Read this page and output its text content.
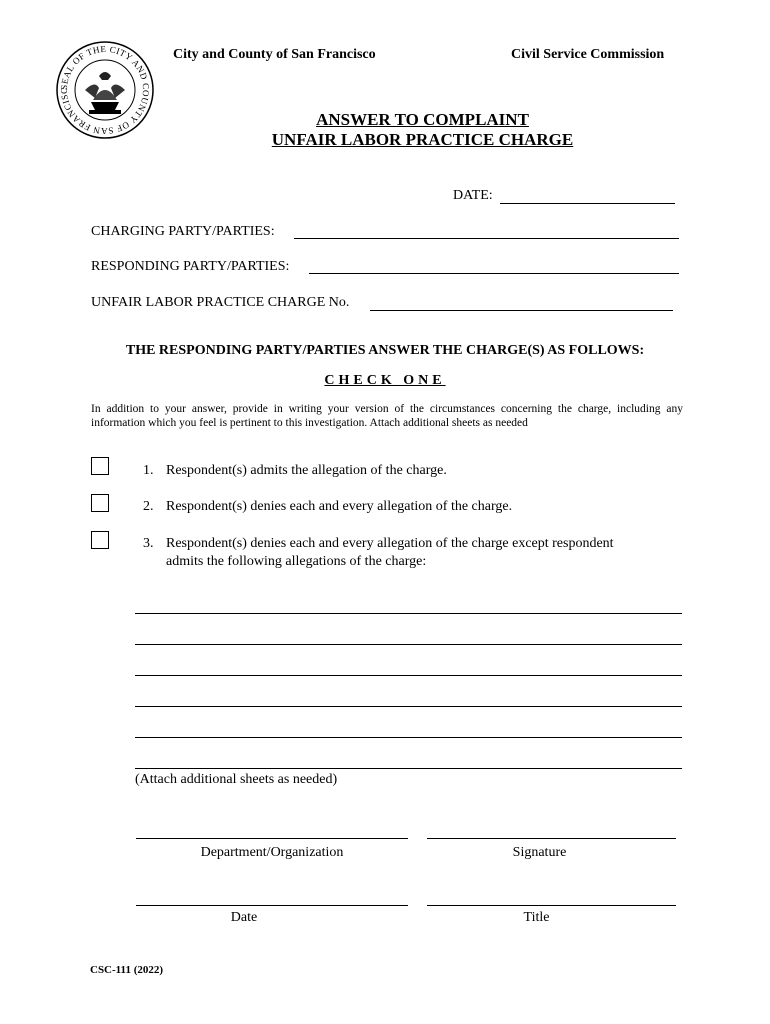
SEAL OF THE CITY AND COUNTY OF SAN FRANCISC
City and County of San Francisco	Civil Service Commission
ANSWER TO COMPLAINT
UNFAIR LABOR PRACTICE CHARGE
DATE:
CHARGING PARTY/PARTIES:
RESPONDING PARTY/PARTIES:
UNFAIR LABOR PRACTICE CHARGE No.
THE RESPONDING PARTY/PARTIES ANSWER THE CHARGE(S) AS FOLLOWS:
CHECK ONE
In addition to your answer, provide in writing your version of the circumstances concerning the charge, including any information which you feel is pertinent to this investigation. Attach additional sheets as needed
1. Respondent(s) admits the allegation of the charge.
2. Respondent(s) denies each and every allegation of the charge.
3. Respondent(s) denies each and every allegation of the charge except respondent
admits the following allegations of the charge:
(Attach additional sheets as needed)
Department/Organization	Signature
Date	Title
CSC-111 (2022)
